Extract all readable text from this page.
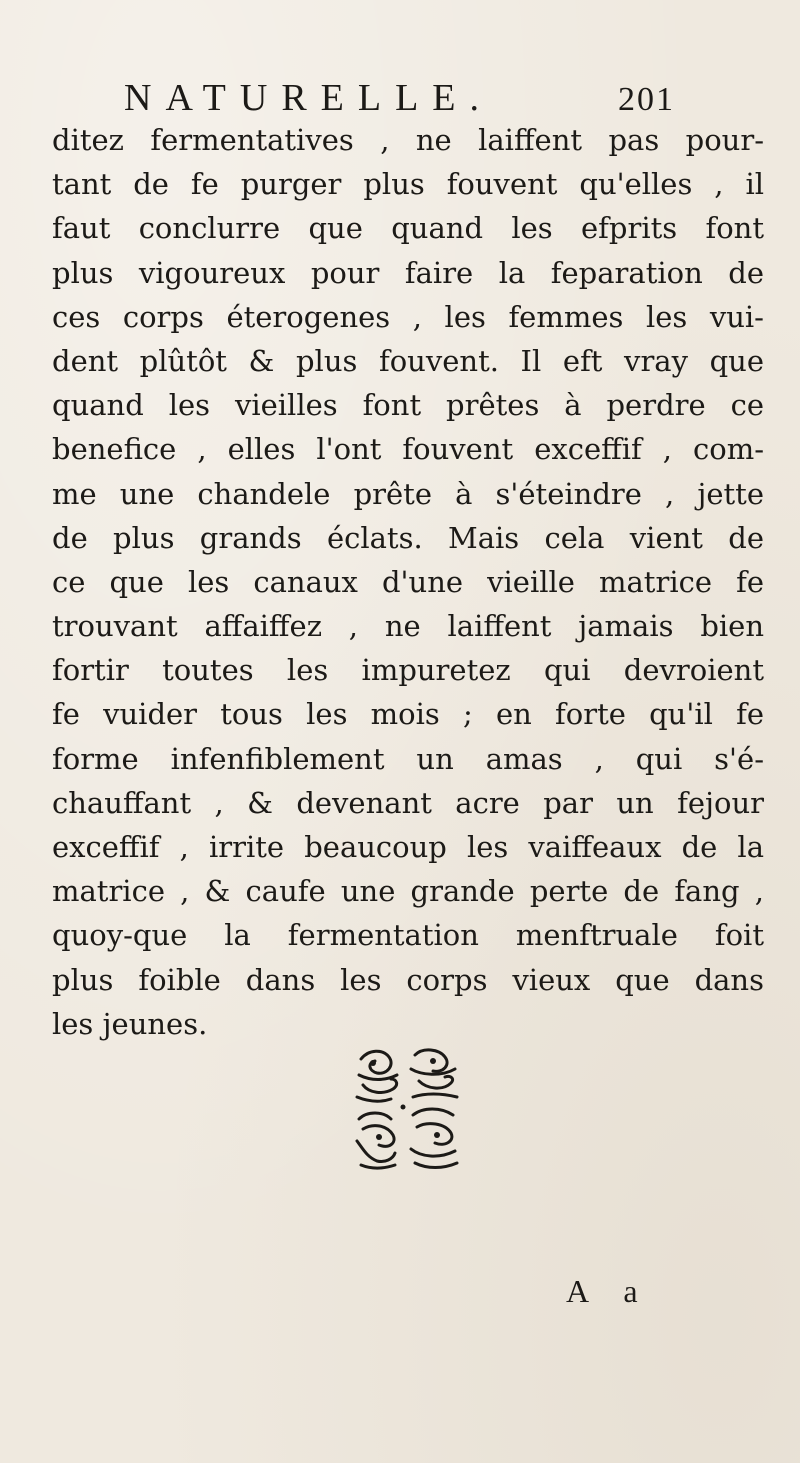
NATURELLE.	201
ditez fermentatives , ne laiffent pas pour-
tant de fe purger plus fouvent qu'elles , il
faut conclurre que quand les efprits font
plus vigoureux pour faire la feparation de
ces corps éterogenes , les femmes les vui-
dent plûtôt & plus fouvent. Il eft vray que
quand les vieilles font prêtes à perdre ce
benefice , elles l'ont fouvent exceffif , com-
me une chandele prête à s'éteindre , jette
de plus grands éclats. Mais cela vient de
ce que les canaux d'une vieille matrice fe
trouvant affaiffez , ne laiffent jamais bien
fortir toutes les impuretez qui devroient
fe vuider tous les mois ; en forte qu'il fe
forme infenfiblement un amas , qui s'é-
chauffant , & devenant acre par un fejour
exceffif , irrite beaucoup les vaiffeaux de la
matrice , & caufe une grande perte de fang ,
quoy-que la fermentation menftruale foit
plus foible dans les corps vieux que dans
les jeunes.
A a
